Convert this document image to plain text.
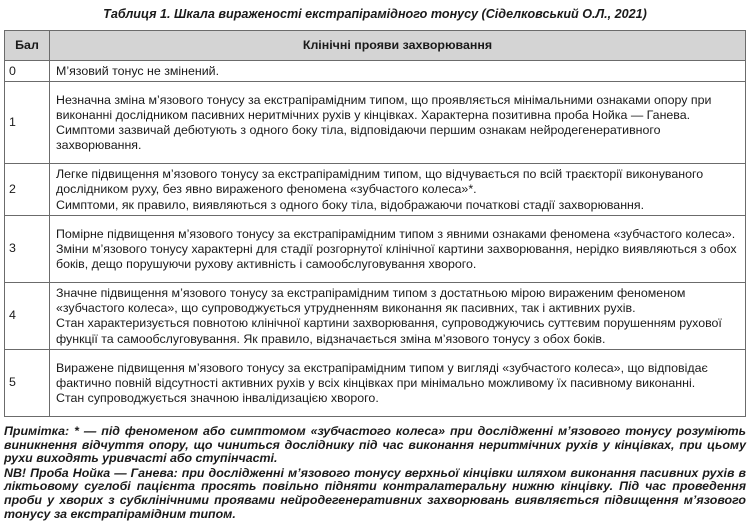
Таблиця 1. Шкала вираженості екстрапірамідного тонусу (Сіделковський О.Л., 2021)
Бал	Клінічні прояви захворювання
0	М’язовий тонус не змінений.

1	Незначна зміна м’язового тонусу за екстрапірамідним типом, що проявляється мінімальними ознаками опору при виконанні дослідником пасивних неритмічних рухів у кінцівках. Характерна позитивна проба Нойка — Ганева.

Симптоми зазвичай дебютують з одного боку тіла, відповідаючи першим ознакам нейродегенеративного захворювання.

2	Легке підвищення м’язового тонусу за екстрапірамідним типом, що відчувається по всій траєкторії виконуваного дослідником руху, без явно вираженого феномена «зубчастого колеса»*.

Симптоми, як правило, виявляються з одного боку тіла, відображаючи початкові стадії захворювання.

3	Помірне підвищення м’язового тонусу за екстрапірамідним типом з явними ознаками феномена «зубчастого колеса».

Зміни м’язового тонусу характерні для стадії розгорнутої клінічної картини захворювання, нерідко виявляються з обох боків, дещо порушуючи рухову активність і самообслуговування хворого.

4	Значне підвищення м’язового тонусу за екстрапірамідним типом з достатньою мірою вираженим феноменом «зубчастого колеса», що супроводжується утрудненням виконання як пасивних, так і активних рухів.

Стан характеризується повнотою клінічної картини захворювання, супроводжуючись суттєвим порушенням рухової функції та самообслуговування. Як правило, відзначається зміна м’язового тонусу з обох боків.

5	Виражене підвищення м’язового тонусу за екстрапірамідним типом у вигляді «зубчастого колеса», що відповідає фактично повній відсутності активних рухів у всіх кінцівках при мінімально можливому їх пасивному виконанні.

Стан супроводжується значною інвалідизацією хворого.

Примітка: * — під феноменом або симптомом «зубчастого колеса» при дослідженні м’язового тонусу розуміють виникнення відчуття опору, що чиниться досліднику під час виконання неритмічних рухів у кінцівках, при цьому рухи виходять уривчасті або ступінчасті.

NB! Проба Нойка — Ганева: при дослідженні м’язового тонусу верхньої кінцівки шляхом виконання пасивних рухів в ліктьовому суглобі пацієнта просять повільно підняти контралатеральну нижню кінцівку. Під час проведення проби у хворих з субклінічними проявами нейродегенеративних захворювань виявляється підвищення м’язового тонусу за екстрапірамідним типом.
